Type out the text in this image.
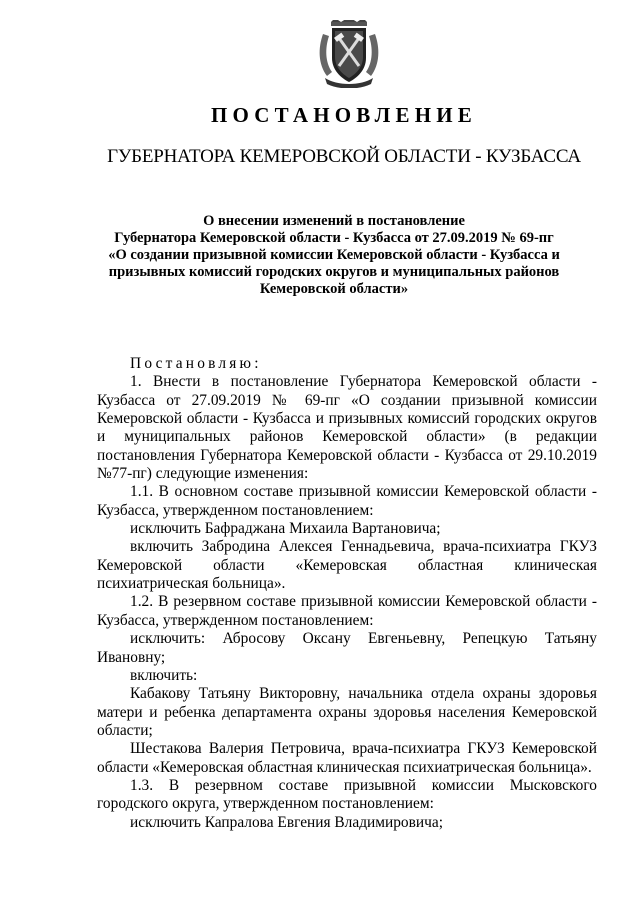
ПОСТАНОВЛЕНИЕ
ГУБЕРНАТОРА КЕМЕРОВСКОЙ ОБЛАСТИ - КУЗБАССА
О внесении изменений в постановление
Губернатора Кемеровской области - Кузбасса от 27.09.2019 № 69-пг
«О создании призывной комиссии Кемеровской области - Кузбасса и
призывных комиссий городских округов и муниципальных районов
Кемеровской области»

Постановляю:

1. Внести в постановление Губернатора Кемеровской области - Кузбасса от 27.09.2019 № 69-пг «О создании призывной комиссии Кемеровской области - Кузбасса и призывных комиссий городских округов и муниципальных районов Кемеровской области» (в редакции постановления Губернатора Кемеровской области - Кузбасса от 29.10.2019 №77-пг) следующие изменения:

1.1. В основном составе призывной комиссии Кемеровской области - Кузбасса, утвержденном постановлением:

исключить Бафраджана Михаила Вартановича;

включить Забродина Алексея Геннадьевича, врача-психиатра ГКУЗ Кемеровской области «Кемеровская областная клиническая психиатрическая больница».

1.2. В резервном составе призывной комиссии Кемеровской области - Кузбасса, утвержденном постановлением:

исключить: Абросову Оксану Евгеньевну, Репецкую Татьяну Ивановну;

включить:

Кабакову Татьяну Викторовну, начальника отдела охраны здоровья матери и ребенка департамента охраны здоровья населения Кемеровской области;

Шестакова Валерия Петровича, врача-психиатра ГКУЗ Кемеровской области «Кемеровская областная клиническая психиатрическая больница».

1.3. В резервном составе призывной комиссии Мысковского городского округа, утвержденном постановлением:

исключить Капралова Евгения Владимировича;
